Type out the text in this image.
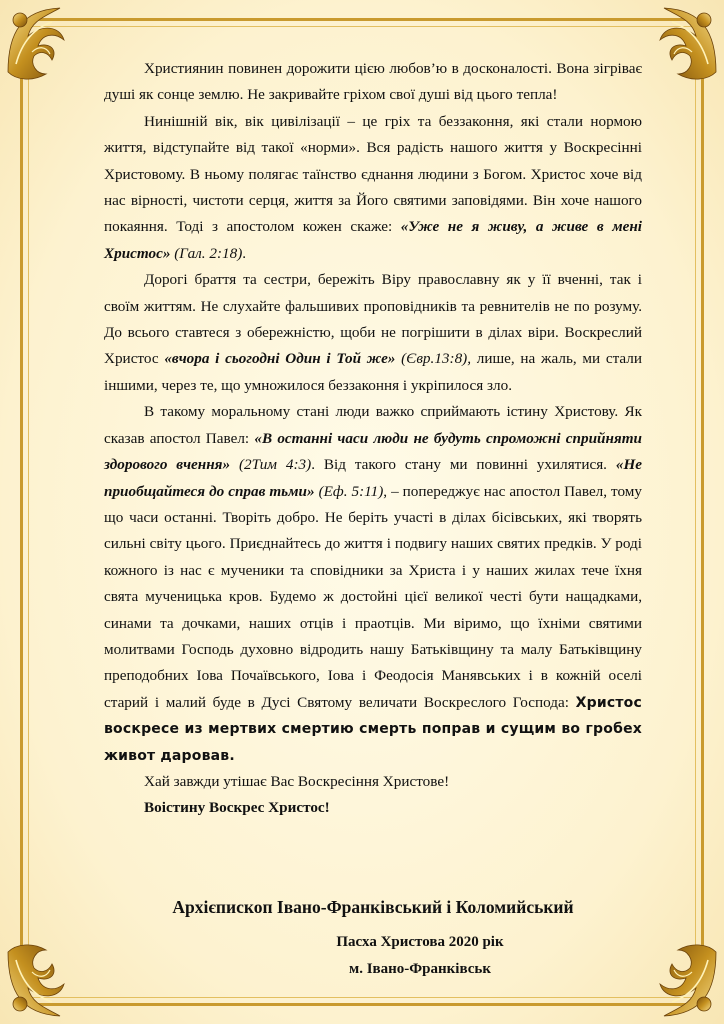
Християнин повинен дорожити цією любов’ю в досконалості. Вона зігріває душі як сонце землю. Не закривайте гріхом свої душі від цього тепла!

Нинішній вік, вік цивілізації – це гріх та беззаконня, які стали нормою життя, відступайте від такої «норми». Вся радість нашого життя у Воскресінні Христовому. В ньому полягає таїнство єднання людини з Богом. Христос хоче від нас вірності, чистоти серця, життя за Його святими заповідями. Він хоче нашого покаяння. Тоді з апостолом кожен скаже: «Уже не я живу, а живе в мені Христос» (Гал. 2:18).

Дорогі браття та сестри, бережіть Віру православну як у її вченні, так і своїм життям. Не слухайте фальшивих проповідників та ревнителів не по розуму. До всього ставтеся з обережністю, щоби не погрішити в ділах віри. Воскреслий Христос «вчора і сьогодні Один і Той же» (Євр.13:8), лише, на жаль, ми стали іншими, через те, що умножилося беззаконня і укріпилося зло.

В такому моральному стані люди важко сприймають істину Христову. Як сказав апостол Павел: «В останні часи люди не будуть спроможні сприйняти здорового вчення» (2Тим 4:3). Від такого стану ми повинні ухилятися. «Не приобщайтеся до справ тьми» (Еф. 5:11), – попереджує нас апостол Павел, тому що часи останні. Творіть добро. Не беріть участі в ділах бісівських, які творять сильні світу цього. Приєднайтесь до життя і подвигу наших святих предків. У роді кожного із нас є мученики та сповідники за Христа і у наших жилах тече їхня свята мученицька кров. Будемо ж достойні цієї великої честі бути нащадками, синами та дочками, наших отців і праотців. Ми віримо, що їхніми святими молитвами Господь духовно відродить нашу Батьківщину та малу Батьківщину преподобних Іова Почаївського, Іова і Феодосія Манявських і в кожній оселі старий і малий буде в Дусі Святому величати Воскреслого Господа: Христос воскресе из мертвих смертию смерть поправ и сущим во гробех живот даровав.

Хай завжди утішає Вас Воскресіння Христове!

Воістину Воскрес Христос!

Архієпископ Івано-Франківський і Коломийський
Пасха Христова 2020 рік
м. Івано-Франківськ
